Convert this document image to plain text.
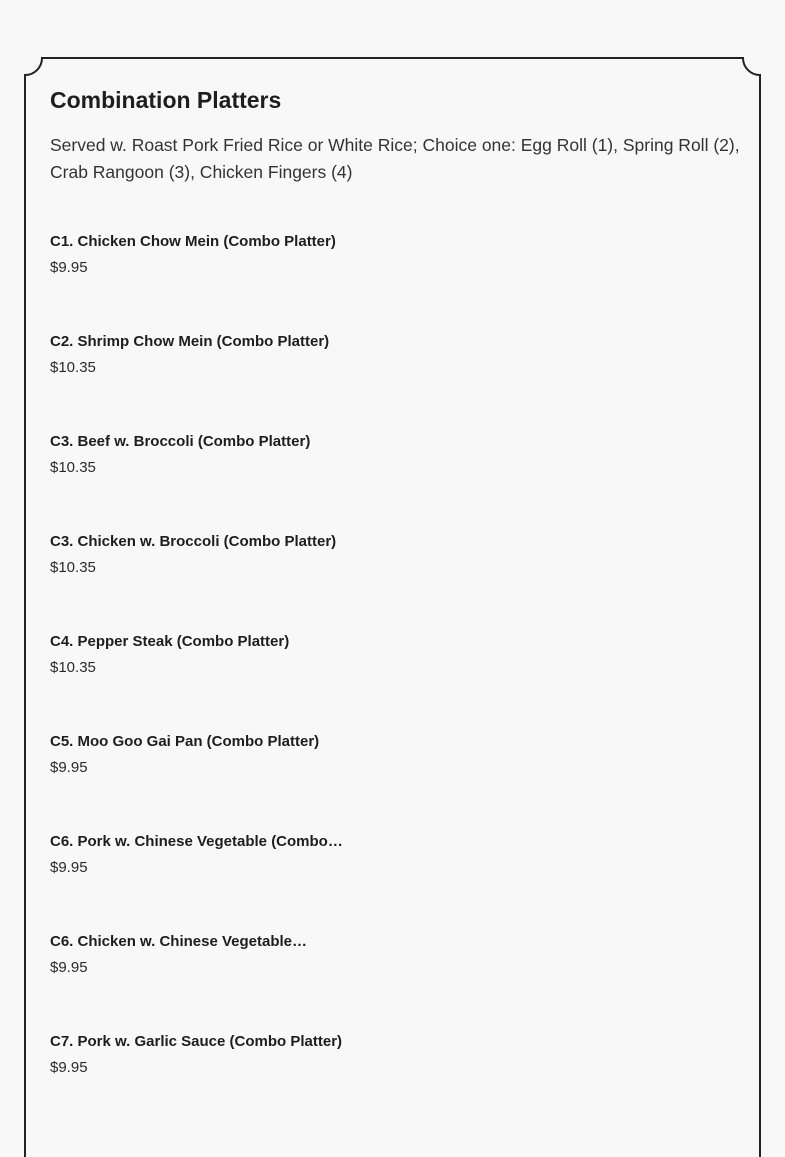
Combination Platters

Served w. Roast Pork Fried Rice or White Rice; Choice one: Egg Roll (1), Spring Roll (2), Crab Rangoon (3), Chicken Fingers (4)

C1. Chicken Chow Mein (Combo Platter)
$9.95
C2. Shrimp Chow Mein (Combo Platter)
$10.35
C3. Beef w. Broccoli (Combo Platter)
$10.35
C3. Chicken w. Broccoli (Combo Platter)
$10.35
C4. Pepper Steak (Combo Platter)
$10.35
C5. Moo Goo Gai Pan (Combo Platter)
$9.95
C6. Pork w. Chinese Vegetable (Combo…
$9.95
C6. Chicken w. Chinese Vegetable…
$9.95
C7. Pork w. Garlic Sauce (Combo Platter)
$9.95
